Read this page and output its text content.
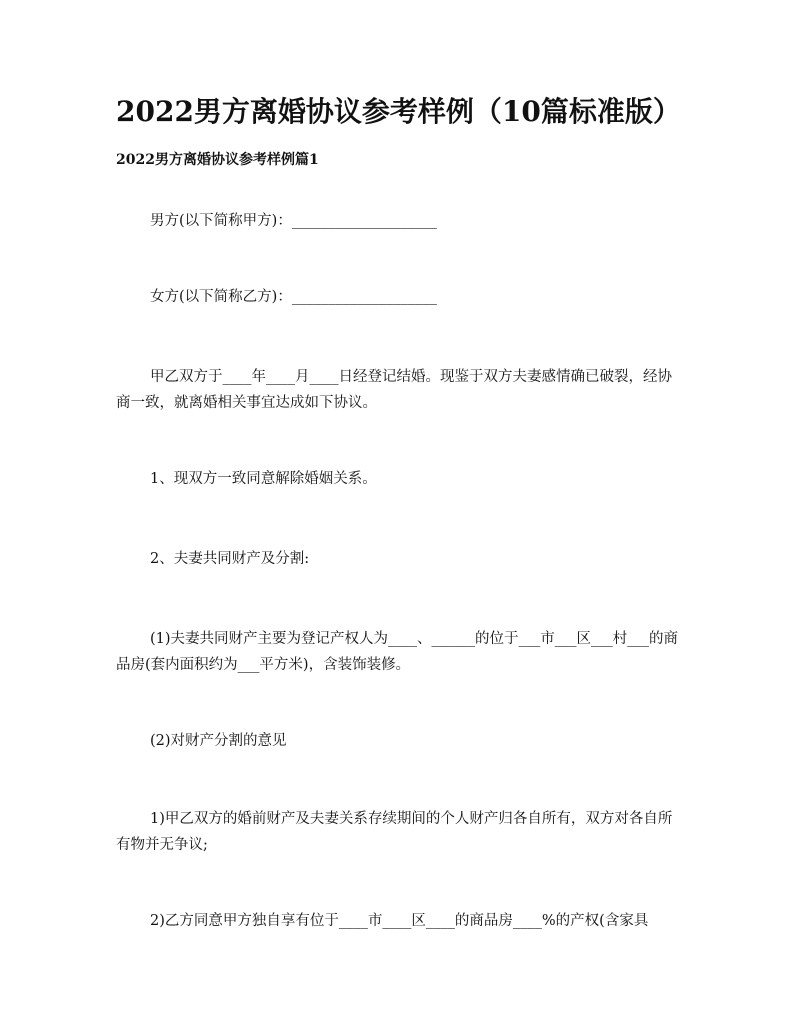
2022男方离婚协议参考样例（10篇标准版）
2022男方离婚协议参考样例篇1
男方(以下简称甲方)：____________________
女方(以下简称乙方)：____________________
甲乙双方于____年____月____日经登记结婚。现鉴于双方夫妻感情确已破裂，经协商一致，就离婚相关事宜达成如下协议。
1、现双方一致同意解除婚姻关系。
2、夫妻共同财产及分割:
(1)夫妻共同财产主要为登记产权人为____、______的位于___市___区___村___的商品房(套内面积约为___平方米)，含装饰装修。
(2)对财产分割的意见
1)甲乙双方的婚前财产及夫妻关系存续期间的个人财产归各自所有，双方对各自所有物并无争议;
2)乙方同意甲方独自享有位于____市____区____的商品房____%的产权(含家具
